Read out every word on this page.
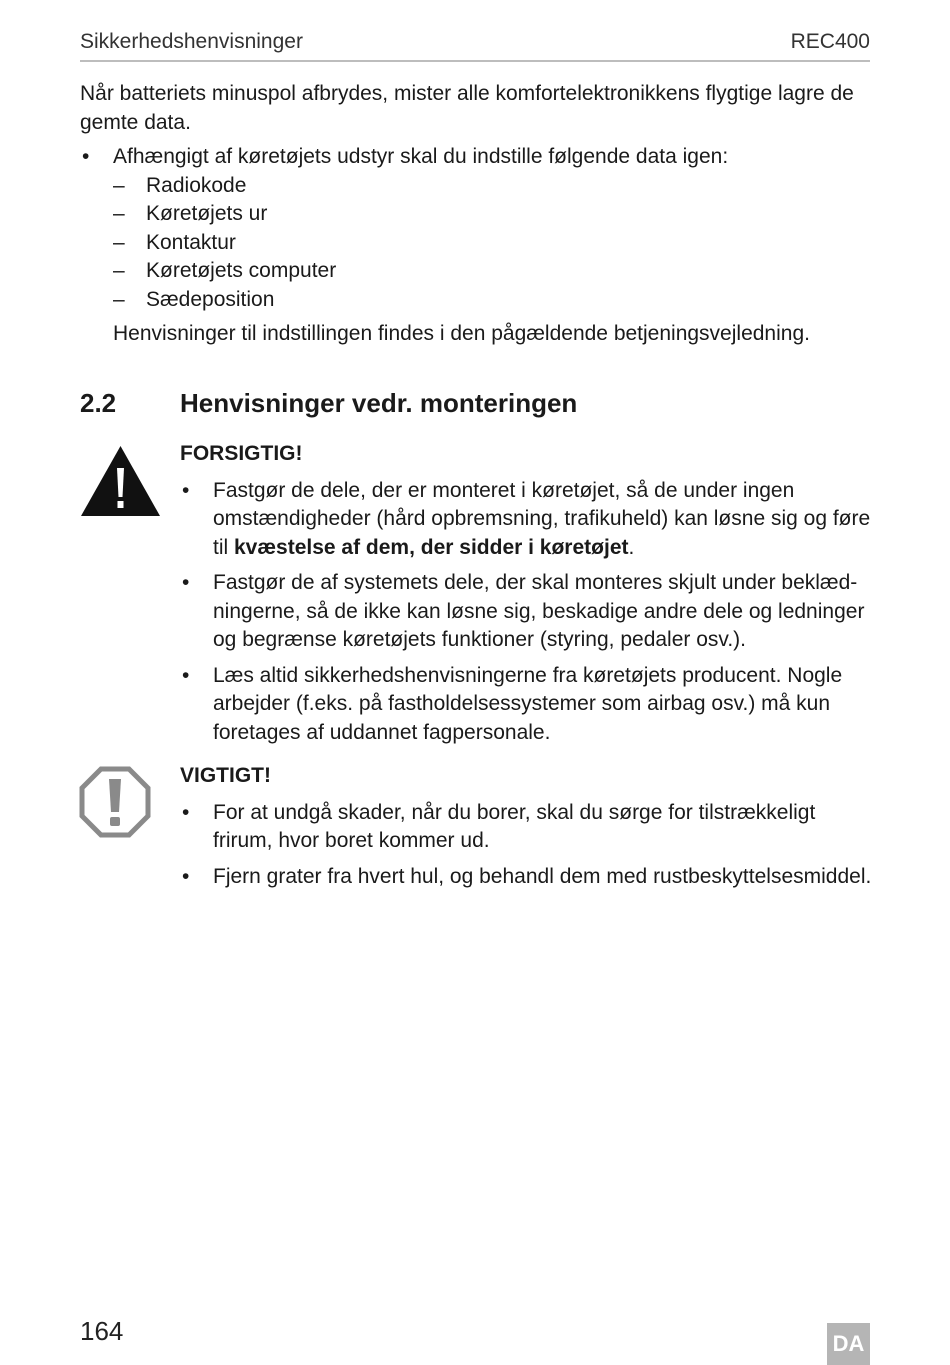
Sikkerhedshenvisninger	REC400
Når batteriets minuspol afbrydes, mister alle komfortelektronikkens flygtige lagre de gemte data.
• Afhængigt af køretøjets udstyr skal du indstille følgende data igen:
– Radiokode
– Køretøjets ur
– Kontaktur
– Køretøjets computer
– Sædeposition
Henvisninger til indstillingen findes i den pågældende betjeningsvejledning.
2.2 Henvisninger vedr. monteringen
FORSIGTIG!
• Fastgør de dele, der er monteret i køretøjet, så de under ingen omstændigheder (hård opbremsning, trafikuheld) kan løsne sig og føre til kvæstelse af dem, der sidder i køretøjet.
• Fastgør de af systemets dele, der skal monteres skjult under beklædningerne, så de ikke kan løsne sig, beskadige andre dele og ledninger og begrænse køretøjets funktioner (styring, pedaler osv.).
• Læs altid sikkerhedshenvisningerne fra køretøjets producent. Nogle arbejder (f.eks. på fastholdelsessystemer som airbag osv.) må kun foretages af uddannet fagpersonale.
VIGTIGT!
• For at undgå skader, når du borer, skal du sørge for tilstrækkeligt frirum, hvor boret kommer ud.
• Fjern grater fra hvert hul, og behandl dem med rustbeskyttelsesmiddel.
164	DA
